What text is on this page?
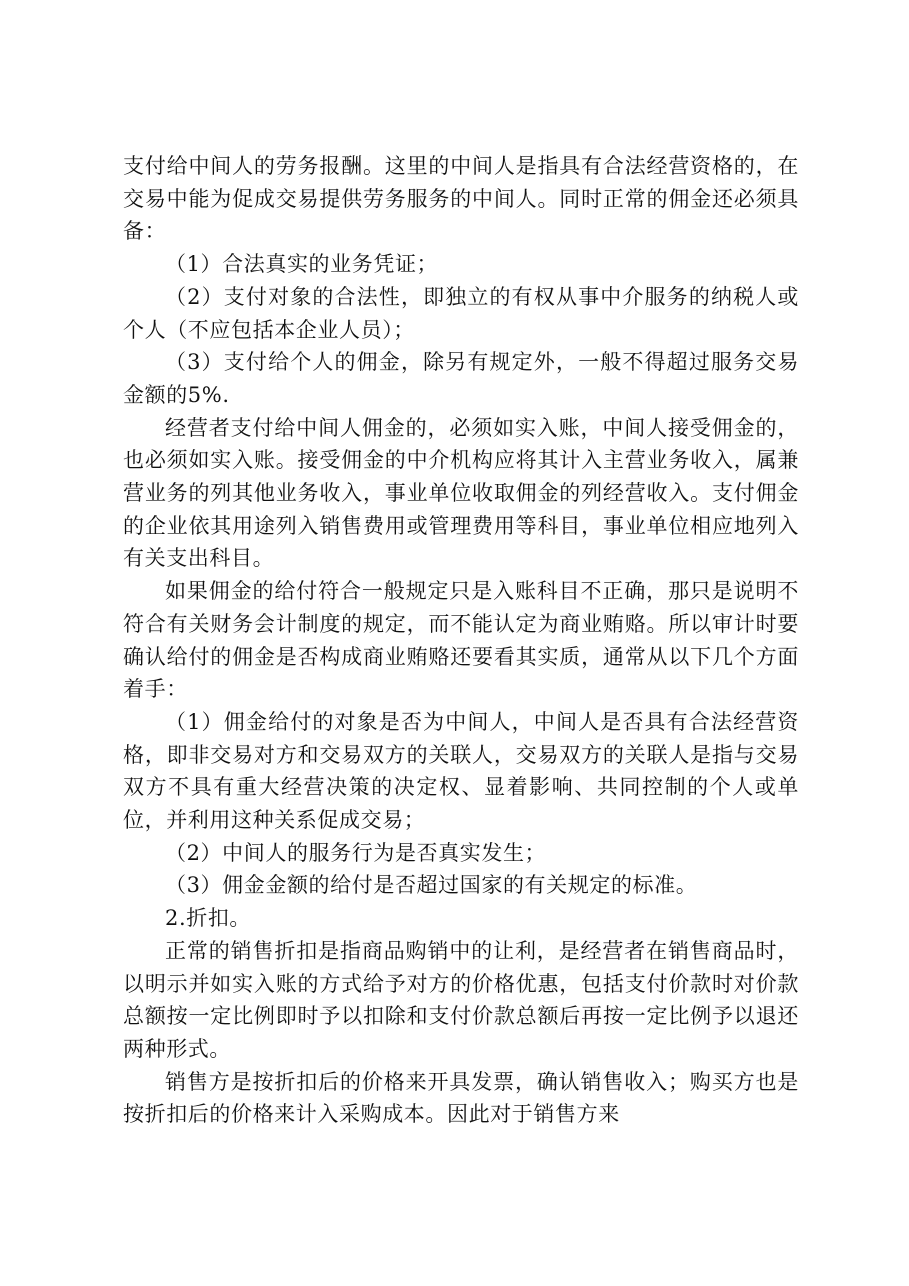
支付给中间人的劳务报酬。这里的中间人是指具有合法经营资格的，在交易中能为促成交易提供劳务服务的中间人。同时正常的佣金还必须具备：

（1）合法真实的业务凭证；

（2）支付对象的合法性，即独立的有权从事中介服务的纳税人或个人（不应包括本企业人员）；

（3）支付给个人的佣金，除另有规定外，一般不得超过服务交易金额的5%.

经营者支付给中间人佣金的，必须如实入账，中间人接受佣金的，也必须如实入账。接受佣金的中介机构应将其计入主营业务收入，属兼营业务的列其他业务收入，事业单位收取佣金的列经营收入。支付佣金的企业依其用途列入销售费用或管理费用等科目，事业单位相应地列入有关支出科目。

如果佣金的给付符合一般规定只是入账科目不正确，那只是说明不符合有关财务会计制度的规定，而不能认定为商业贿赂。所以审计时要确认给付的佣金是否构成商业贿赂还要看其实质，通常从以下几个方面着手：

（1）佣金给付的对象是否为中间人，中间人是否具有合法经营资格，即非交易对方和交易双方的关联人，交易双方的关联人是指与交易双方不具有重大经营决策的决定权、显着影响、共同控制的个人或单位，并利用这种关系促成交易；

（2）中间人的服务行为是否真实发生；

（3）佣金金额的给付是否超过国家的有关规定的标准。

2.折扣。

正常的销售折扣是指商品购销中的让利，是经营者在销售商品时，以明示并如实入账的方式给予对方的价格优惠，包括支付价款时对价款总额按一定比例即时予以扣除和支付价款总额后再按一定比例予以退还两种形式。

销售方是按折扣后的价格来开具发票，确认销售收入；购买方也是按折扣后的价格来计入采购成本。因此对于销售方来
